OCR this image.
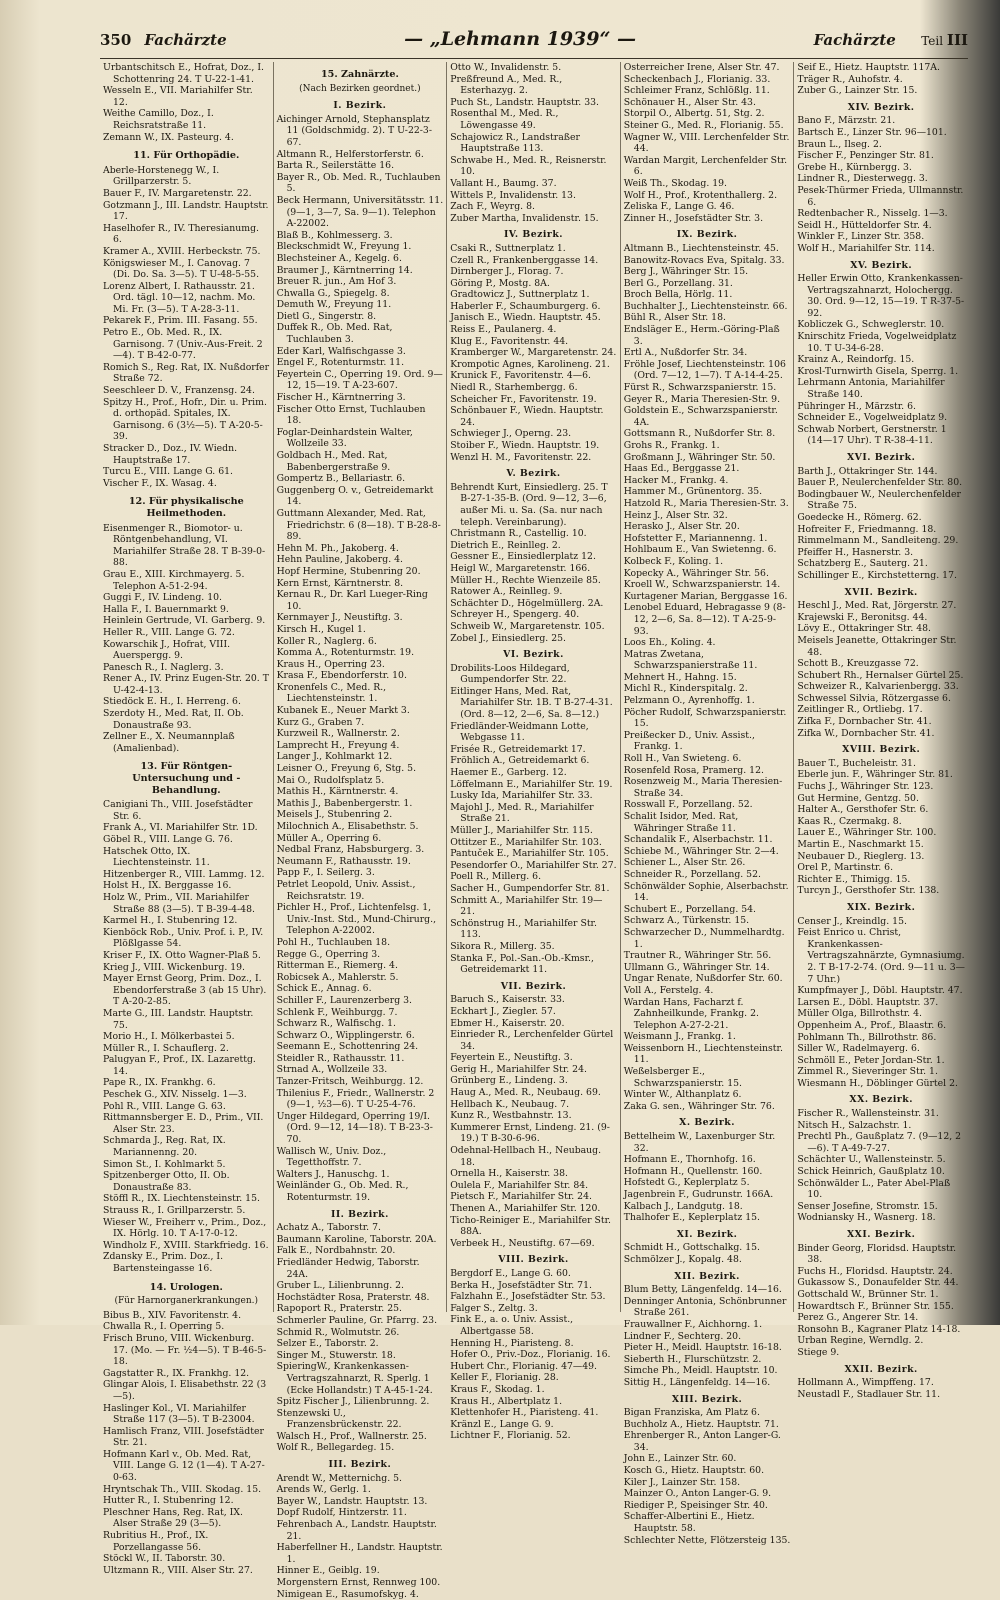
350 Fachärzte	— „Lehmann 1939“ —	Fachärzte Teil III
Urbantschitsch E., Hofrat, Doz., I. Schottenring 24. T U-22-1-41.
Wesseln E., VII. Mariahilfer Str. 12.
Weithe Camillo, Doz., I. Reichsratstraße 11.
Zemann W., IX. Pasteurg. 4.
11. Für Orthopädie.
Aberle-Horstenegg W., I. Grillparzerstr. 5.
Bauer F., IV. Margaretenstr. 22.
Gotzmann J., III. Landstr. Hauptstr. 17.
Haselhofer R., IV. Theresianumg. 6.
Kramer A., XVIII. Herbeckstr. 75.
Königswieser M., I. Canovag. 7 (Di. Do. Sa. 3—5). T U-48-5-55.
Lorenz Albert, I. Rathausstr. 21. Ord. tägl. 10—12, nachm. Mo. Mi. Fr. (3—5). T A-28-3-11.
Pekarek F., Prim. III. Fasang. 55.
Petro E., Ob. Med. R., IX. Garnisong. 7 (Univ.-Aus-Freit. 2—4). T B-42-0-77.
Romich S., Reg. Rat, IX. Nußdorfer Straße 72.
Seeschleer D. V., Franzensg. 24.
Spitzy H., Prof., Hofr., Dir. u. Prim. d. orthopäd. Spitales, IX. Garnisong. 6 (3½—5). T A-20-5-39.
Stracker D., Doz., IV. Wiedn. Hauptstraße 17.
Turcu E., VIII. Lange G. 61.
Vischer F., IX. Wasag. 4.
12. Für physikalische Heilmethoden.
Eisenmenger R., Biomotor- u. Röntgenbehandlung, VI. Mariahilfer Straße 28. T B-39-0-88.
Grau E., XIII. Kirchmayerg. 5. Telephon A-51-2-94.
Guggi F., IV. Lindeng. 10.
Halla F., I. Bauernmarkt 9.
Heinlein Gertrude, VI. Garberg. 9.
Heller R., VIII. Lange G. 72.
Kowarschik J., Hofrat, VIII. Auerspergg. 9.
Panesch R., I. Naglerg. 3.
Rener A., IV. Prinz Eugen-Str. 20. T U-42-4-13.
Stiedöck E. H., I. Herreng. 6.
Szerdoty H., Med. Rat, II. Ob. Donaustraße 93.
Zellner E., X. Neumannplaß (Amalienbad).
13. Für Röntgen-Untersuchung und -Behandlung.
Canigiani Th., VIII. Josefstädter Str. 6.
Frank A., VI. Mariahilfer Str. 1D.
Göbel R., VIII. Lange G. 76.
Hatschek Otto, IX. Liechtensteinstr. 11.
Hitzenberger R., VIII. Lammg. 12.
Holst H., IX. Berggasse 16.
Holz W., Prim., VII. Mariahilfer Straße 88 (3—5). T B-39-4-48.
Karmel H., I. Stubenring 12.
Kienböck Rob., Univ. Prof. i. P., IV. Plößlgasse 54.
Kriser F., IX. Otto Wagner-Plaß 5.
Krieg J., VIII. Wickenburg. 19.
Mayer Ernst Georg, Prim. Doz., I. Ebendorferstraße 3 (ab 15 Uhr). T A-20-2-85.
Marte G., III. Landstr. Hauptstr. 75.
Morio H., I. Mölkerbastei 5.
Müller R., I. Schauflerg. 2.
Palugyan F., Prof., IX. Lazarettg. 14.
Pape R., IX. Frankhg. 6.
Peschek G., XIV. Nisselg. 1—3.
Pohl R., VIII. Lange G. 63.
Rittmannsberger E. D., Prim., VII. Alser Str. 23.
Schmarda J., Reg. Rat, IX. Mariannenng. 20.
Simon St., I. Kohlmarkt 5.
Spitzenberger Otto, II. Ob. Donaustraße 83.
Stöffl R., IX. Liechtensteinstr. 15.
Strauss R., I. Grillparzerstr. 5.
Wieser W., Freiherr v., Prim., Doz., IX. Hörlg. 10. T A-17-0-12.
Windholz F., XVIII. Starkfriedg. 16.
Zdansky E., Prim. Doz., I. Bartensteingasse 16.
14. Urologen.
(Für Harnorganerkrankungen.)
Bibus B., XIV. Favoritenstr. 4.
Chwalla R., I. Operring 5.
Frisch Bruno, VIII. Wickenburg. 17. (Mo. — Fr. ½4—5). T B-46-5-18.
Gagstatter R., IX. Frankhg. 12.
Glingar Alois, I. Elisabethstr. 22 (3—5).
Haslinger Kol., VI. Mariahilfer Straße 117 (3—5). T B-23004.
Hamlisch Franz, VIII. Josefstädter Str. 21.
Hofmann Karl v., Ob. Med. Rat, VIII. Lange G. 12 (1—4). T A-27-0-63.
Hryntschak Th., VIII. Skodag. 15.
Hutter R., I. Stubenring 12.
Pleschner Hans, Reg. Rat, IX. Alser Straße 29 (3—5).
Rubritius H., Prof., IX. Porzellangasse 56.
Stöckl W., II. Taborstr. 30.
Ultzmann R., VIII. Alser Str. 27.
15. Zahnärzte.
(Nach Bezirken geordnet.)
I. Bezirk.
Aichinger Arnold, Stephansplatz 11 (Goldschmidg. 2). T U-22-3-67.
Altmann R., Helferstorferstr. 6.
Barta R., Seilerstätte 16.
Bayer R., Ob. Med. R., Tuchlauben 5.
Beck Hermann, Universitätsstr. 11. (9—1, 3—7, Sa. 9—1). Telephon A-22002.
Blaß B., Kohlmesserg. 3.
Bleckschmidt W., Freyung 1.
Blechsteiner A., Kegelg. 6.
Braumer J., Kärntnerring 14.
Breuer R. jun., Am Hof 3.
Chwalla G., Spiegelg. 8.
Demuth W., Freyung 11.
Dietl G., Singerstr. 8.
Duffek R., Ob. Med. Rat, Tuchlauben 3.
Eder Karl, Walfischgasse 3.
Engel F., Rotenturmstr. 11.
Feyertein C., Operring 19. Ord. 9—12, 15—19. T A-23-607.
Fischer H., Kärntnerring 3.
Fischer Otto Ernst, Tuchlauben 18.
Foglar-Deinhardstein Walter, Wollzeile 33.
Goldbach H., Med. Rat, Babenbergerstraße 9.
Gompertz B., Bellariastr. 6.
Guggenberg O. v., Getreidemarkt 14.
Guttmann Alexander, Med. Rat, Friedrichstr. 6 (8—18). T B-28-8-89.
Hehn M. Ph., Jakoberg. 4.
Hehn Pauline, Jakoberg. 4.
Hopf Hermine, Stubenring 20.
Kern Ernst, Kärntnerstr. 8.
Kernau R., Dr. Karl Lueger-Ring 10.
Kernmayer J., Neustiftg. 3.
Kirsch H., Kugel 1.
Koller R., Naglerg. 6.
Komma A., Rotenturmstr. 19.
Kraus H., Operring 23.
Krasa F., Ebendorferstr. 10.
Kronenfels C., Med. R., Liechtensteinstr. 1.
Kubanek E., Neuer Markt 3.
Kurz G., Graben 7.
Kurzweil R., Wallnerstr. 2.
Lamprecht H., Freyung 4.
Langer J., Kohlmarkt 12.
Leisner O., Freyung 6, Stg. 5.
Mai O., Rudolfsplatz 5.
Mathis H., Kärntnerstr. 4.
Mathis J., Babenbergerstr. 1.
Meisels J., Stubenring 2.
Milochnich A., Elisabethstr. 5.
Müller A., Operring 6.
Nedbal Franz, Habsburgerg. 3.
Neumann F., Rathausstr. 19.
Papp F., I. Seilerg. 3.
Petrlet Leopold, Univ. Assist., Reichsratstr. 19.
Pichler H., Prof., Lichtenfelsg. 1, Univ.-Inst. Std., Mund-Chirurg., Telephon A-22002.
Pohl H., Tuchlauben 18.
Regge G., Operring 3.
Ritterman E., Riemerg. 4.
Robicsek A., Mahlerstr. 5.
Schick E., Annag. 6.
Schiller F., Laurenzerberg 3.
Schlenk F., Weihburgg. 7.
Schwarz R., Walfischg. 1.
Schwarz O., Wipplingerstr. 6.
Seemann E., Schottenring 24.
Steidler R., Rathausstr. 11.
Strnad A., Wollzeile 33.
Tanzer-Fritsch, Weihburgg. 12.
Thilenius F., Friedr., Wallnerstr. 2 (9—1, ½3—6). T U-25-4-76.
Unger Hildegard, Operring 19/I. (Ord. 9—12, 14—18). T B-23-3-70.
Wallisch W., Univ. Doz., Tegetthoffstr. 7.
Walters J., Hanuschg. 1.
Weinländer G., Ob. Med. R., Rotenturmstr. 19.
II. Bezirk.
Achatz A., Taborstr. 7.
Baumann Karoline, Taborstr. 20A.
Falk E., Nordbahnstr. 20.
Friedländer Hedwig, Taborstr. 24A.
Gruber L., Lilienbrunng. 2.
Hochstädter Rosa, Praterstr. 48.
Rapoport R., Praterstr. 25.
Schmerler Pauline, Gr. Pfarrg. 23.
Schmid R., Wolmutstr. 26.
Selzer E., Taborstr. 2.
Singer M., Stuwerstr. 18.
SpieringW., Krankenkassen-Vertragszahnarzt, R. Sperlg. 1 (Ecke Hollandstr.) T A-45-1-24.
Spitz Fischer J., Lilienbrunng. 2.
Stenzewski U., Franzensbrückenstr. 22.
Walsch H., Prof., Wallnerstr. 25.
Wolf R., Bellegardeg. 15.
III. Bezirk.
Arendt W., Metternichg. 5.
Arends W., Gerlg. 1.
Bayer W., Landstr. Hauptstr. 13.
Dopf Rudolf, Hintzerstr. 11.
Fehrenbach A., Landstr. Hauptstr. 21.
Haberfellner H., Landstr. Hauptstr. 1.
Hinner E., Geiblg. 19.
Morgenstern Ernst, Rennweg 100.
Nimigean E., Rasumofskyg. 4.
Otto W., Invalidenstr. 5.
Preßfreund A., Med. R., Esterhazyg. 2.
Puch St., Landstr. Hauptstr. 33.
Rosenthal M., Med. R., Löwengasse 49.
Schajowicz R., Landstraßer Hauptstraße 113.
Schwabe H., Med. R., Reisnerstr. 10.
Vallant H., Baumg. 37.
Wittels P., Invalidenstr. 13.
Zach F., Weyrg. 8.
Zuber Martha, Invalidenstr. 15.
IV. Bezirk.
Csaki R., Suttnerplatz 1.
Czell R., Frankenberggasse 14.
Dirnberger J., Florag. 7.
Göring P., Mostg. 8A.
Gradtowicz J., Suttnerplatz 1.
Haberler F., Schaumburgerg. 6.
Janisch E., Wiedn. Hauptstr. 45.
Reiss E., Paulanerg. 4.
Klug E., Favoritenstr. 44.
Kramberger W., Margaretenstr. 24.
Krompotic Agnes, Karolineng. 21.
Krunick F., Favoritenstr. 4—6.
Niedl R., Starhembergg. 6.
Scheicher Fr., Favoritenstr. 19.
Schönbauer F., Wiedn. Hauptstr. 24.
Schwieger J., Operng. 23.
Stoiber F., Wiedn. Hauptstr. 19.
Wenzl H. M., Favoritenstr. 22.
V. Bezirk.
Behrendt Kurt, Einsiedlerg. 25. T B-27-1-35-B. (Ord. 9—12, 3—6, außer Mi. u. Sa. (Sa. nur nach teleph. Vereinbarung).
Christmann R., Castellig. 10.
Dietrich E., Reinlleg. 2.
Gessner E., Einsiedlerplatz 12.
Heigl W., Margaretenstr. 166.
Müller H., Rechte Wienzeile 85.
Ratower A., Reinlleg. 9.
Schächter D., Högelmüllerg. 2A.
Schreyer H., Spengerg. 40.
Schweib W., Margaretenstr. 105.
Zobel J., Einsiedlerg. 25.
VI. Bezirk.
Drobilits-Loos Hildegard, Gumpendorfer Str. 22.
Eitlinger Hans, Med. Rat, Mariahilfer Str. 1B. T B-27-4-31. (Ord. 8—12, 2—6, Sa. 8—12.)
Friedländer-Weidmann Lotte, Webgasse 11.
Frisée R., Getreidemarkt 17.
Fröhlich A., Getreidemarkt 6.
Haemer E., Garberg. 12.
Löffelmann E., Mariahilfer Str. 19.
Lusky Ida, Mariahilfer Str. 33.
Majohl J., Med. R., Mariahilfer Straße 21.
Müller J., Mariahilfer Str. 115.
Ottitzer E., Mariahilfer Str. 103.
Pantuček E., Mariahilfer Str. 105.
Pesendorfer O., Mariahilfer Str. 27.
Poell R., Millerg. 6.
Sacher H., Gumpendorfer Str. 81.
Schmitt A., Mariahilfer Str. 19—21.
Schönstrug H., Mariahilfer Str. 113.
Sikora R., Millerg. 35.
Stanka F., Pol.-San.-Ob.-Kmsr., Getreidemarkt 11.
VII. Bezirk.
Baruch S., Kaiserstr. 33.
Eckhart J., Ziegler. 57.
Ebmer H., Kaiserstr. 20.
Einrieder R., Lerchenfelder Gürtel 34.
Feyertein E., Neustiftg. 3.
Gerig H., Mariahilfer Str. 24.
Grünberg E., Lindeng. 3.
Haug A., Med. R., Neubaug. 69.
Hellbach K., Neubaug. 7.
Kunz R., Westbahnstr. 13.
Kummerer Ernst, Lindeng. 21. (9-19.) T B-30-6-96.
Odehnal-Hellbach H., Neubaug. 18.
Ornella H., Kaiserstr. 38.
Oulela F., Mariahilfer Str. 84.
Pietsch F., Mariahilfer Str. 24.
Thenen A., Mariahilfer Str. 120.
Ticho-Reiniger E., Mariahilfer Str. 88A.
Verbeek H., Neustiftg. 67—69.
VIII. Bezirk.
Bergdorf E., Lange G. 60.
Berka H., Josefstädter Str. 71.
Falzhahn E., Josefstädter Str. 53.
Falger S., Zeltg. 3.
Fink E., a. o. Univ. Assist., Albertgasse 58.
Henning H., Piaristeng. 8.
Hofer O., Priv.-Doz., Florianig. 16.
Hubert Chr., Florianig. 47—49.
Keller F., Florianig. 28.
Kraus F., Skodag. 1.
Kraus H., Albertplatz 1.
Klettenhofer H., Piaristeng. 41.
Kränzl E., Lange G. 9.
Lichtner F., Florianig. 52.
Osterreicher Irene, Alser Str. 47.
Scheckenbach J., Florianig. 33.
Schleimer Franz, Schlößlg. 11.
Schönauer H., Alser Str. 43.
Storpil O., Albertg. 51, Stg. 2.
Steiner G., Med. R., Florianig. 55.
Wagner W., VIII. Lerchenfelder Str. 44.
Wardan Margit, Lerchenfelder Str. 6.
Weiß Th., Skodag. 19.
Wolf H., Prof., Krotenthallerg. 2.
Zeliska F., Lange G. 46.
Zinner H., Josefstädter Str. 3.
IX. Bezirk.
Altmann B., Liechtensteinstr. 45.
Banowitz-Rovacs Eva, Spitalg. 33.
Berg J., Währinger Str. 15.
Berl G., Porzellang. 31.
Broch Bella, Hörlg. 11.
Buchhalter J., Liechtensteinstr. 66.
Bühl R., Alser Str. 18.
Endsläger E., Herm.-Göring-Plaß 3.
Ertl A., Nußdorfer Str. 34.
Fröhle Josef, Liechtensteinstr. 106 (Ord. 7—12, 1—7). T A-14-4-25.
Fürst R., Schwarzspanierstr. 15.
Geyer R., Maria Theresien-Str. 9.
Goldstein E., Schwarzspanierstr. 4A.
Gottsmann R., Nußdorfer Str. 8.
Grohs R., Frankg. 1.
Großmann J., Währinger Str. 50.
Haas Ed., Berggasse 21.
Hacker M., Frankg. 4.
Hammer M., Grünentorg. 35.
Hatzold R., Maria Theresien-Str. 3.
Heinz J., Alser Str. 32.
Herasko J., Alser Str. 20.
Hofstetter F., Mariannenng. 1.
Hohlbaum E., Van Swietenng. 6.
Kolbeck F., Koling. 1.
Kopecky A., Währinger Str. 56.
Kroell W., Schwarzspanierstr. 14.
Kurtagener Marian, Berggasse 16.
Lenobel Eduard, Hebragasse 9 (8-12, 2—6, Sa. 8—12). T A-25-9-93.
Loos Eh., Koling. 4.
Matras Zwetana, Schwarzspanierstraße 11.
Mehnert H., Hahng. 15.
Michl R., Kinderspitalg. 2.
Pelzmann O., Ayrenhoffg. 1.
Pöcher Rudolf, Schwarzspanierstr. 15.
Preißecker D., Univ. Assist., Frankg. 1.
Roll H., Van Swieteng. 6.
Rosenfeld Rosa, Pramerg. 12.
Rosenzweig M., Maria Theresien-Straße 34.
Rosswall F., Porzellang. 52.
Schalit Isidor, Med. Rat, Währinger Straße 11.
Schandalik F., Alserbachstr. 11.
Schiebe M., Währinger Str. 2—4.
Schiener L., Alser Str. 26.
Schneider R., Porzellang. 52.
Schönwälder Sophie, Alserbachstr. 14.
Schubert E., Porzellang. 54.
Schwarz A., Türkenstr. 15.
Schwarzecher D., Nummelhardtg. 1.
Trautner R., Währinger Str. 56.
Ullmann G., Währinger Str. 14.
Ungar Renate, Nußdorfer Str. 60.
Voll A., Ferstelg. 4.
Wardan Hans, Facharzt f. Zahnheilkunde, Frankg. 2. Telephon A-27-2-21.
Weismann J., Frankg. 1.
Weissenborn H., Liechtensteinstr. 11.
Weßelsberger E., Schwarzspanierstr. 15.
Winter W., Althanplatz 6.
Zaka G. sen., Währinger Str. 76.
X. Bezirk.
Bettelheim W., Laxenburger Str. 32.
Hofmann E., Thornhofg. 16.
Hofmann H., Quellenstr. 160.
Hofstedt G., Keplerplatz 5.
Jagenbrein F., Gudrunstr. 166A.
Kalbach J., Landgutg. 18.
Thalhofer E., Keplerplatz 15.
XI. Bezirk.
Schmidt H., Gottschalkg. 15.
Schmölzer J., Kopalg. 48.
XII. Bezirk.
Blum Betty, Längenfeldg. 14—16.
Denninger Antonia, Schönbrunner Straße 261.
Frauwallner F., Aichhorng. 1.
Lindner F., Sechterg. 20.
Pieter H., Meidl. Hauptstr. 16-18.
Sieberth H., Flurschützstr. 2.
Simche Ph., Meidl. Hauptstr. 10.
Sittig H., Längenfeldg. 14—16.
XIII. Bezirk.
Bigan Franziska, Am Platz 6.
Buchholz A., Hietz. Hauptstr. 71.
Ehrenberger R., Anton Langer-G. 34.
John E., Lainzer Str. 60.
Kosch G., Hietz. Hauptstr. 60.
Kiler J., Lainzer Str. 158.
Mainzer O., Anton Langer-G. 9.
Riediger P., Speisinger Str. 40.
Schaffer-Albertini E., Hietz. Hauptstr. 58.
Schlechter Nette, Flötzersteig 135.
Seif E., Hietz. Hauptstr. 117A.
Träger R., Auhofstr. 4.
Zuber G., Lainzer Str. 15.
XIV. Bezirk.
Bano F., Märzstr. 21.
Bartsch E., Linzer Str. 96—101.
Braun L., Ilseg. 2.
Fischer F., Penzinger Str. 81.
Grebe H., Kürnbergg. 3.
Lindner R., Diesterwegg. 3.
Pesek-Thürmer Frieda, Ullmannstr. 6.
Redtenbacher R., Nisselg. 1—3.
Seidl H., Hütteldorfer Str. 4.
Winkler F., Linzer Str. 358.
Wolf H., Mariahilfer Str. 114.
XV. Bezirk.
Heller Erwin Otto, Krankenkassen-Vertragszahnarzt, Holochergg. 30. Ord. 9—12, 15—19. T R-37-5-92.
Kobliczek G., Schweglerstr. 10.
Knirschitz Frieda, Vogelweidplatz 10. T U-34-6-28.
Krainz A., Reindorfg. 15.
Krosl-Turnwirth Gisela, Sperrg. 1.
Lehrmann Antonia, Mariahilfer Straße 140.
Pühringer H., Märzstr. 6.
Schneider E., Vogelweidplatz 9.
Schwab Norbert, Gerstnerstr. 1 (14—17 Uhr). T R-38-4-11.
XVI. Bezirk.
Barth J., Ottakringer Str. 144.
Bauer P., Neulerchenfelder Str. 80.
Bodingbauer W., Neulerchenfelder Straße 75.
Goedecke H., Römerg. 62.
Hofreiter F., Friedmanng. 18.
Rimmelmann M., Sandleiteng. 29.
Pfeiffer H., Hasnerstr. 3.
Schatzberg E., Sauterg. 21.
Schillinger E., Kirchstetterng. 17.
XVII. Bezirk.
Heschl J., Med. Rat, Jörgerstr. 27.
Krajewski F., Beronitsg. 44.
Lövy E., Ottakringer Str. 48.
Meisels Jeanette, Ottakringer Str. 48.
Schott B., Kreuzgasse 72.
Schubert Rh., Hernalser Gürtel 25.
Schweizer R., Kalvarienbergg. 33.
Schwessel Silvia, Rötzergasse 6.
Zeitlinger R., Ortliebg. 17.
Zifka F., Dornbacher Str. 41.
Zifka W., Dornbacher Str. 41.
XVIII. Bezirk.
Bauer T., Bucheleistr. 31.
Eberle jun. F., Währinger Str. 81.
Fuchs J., Währinger Str. 123.
Gut Hermine, Gentzg. 50.
Halter A., Gersthofer Str. 6.
Kaas R., Czermakg. 8.
Lauer E., Währinger Str. 100.
Martin E., Naschmarkt 15.
Neubauer D., Rieglerg. 13.
Orel P., Martinstr. 6.
Richter E., Thimigg. 15.
Turcyn J., Gersthofer Str. 138.
XIX. Bezirk.
Censer J., Kreindlg. 15.
Feist Enrico u. Christ, Krankenkassen-Vertragszahnärzte, Gymnasiumg. 2. T B-17-2-74. (Ord. 9—11 u. 3—7 Uhr.)
Kumpfmayer J., Döbl. Hauptstr. 47.
Larsen E., Döbl. Hauptstr. 37.
Müller Olga, Billrothstr. 4.
Oppenheim A., Prof., Blaastr. 6.
Pohlmann Th., Billrothstr. 86.
Siller W., Radelmayerg. 6.
Schmöll E., Peter Jordan-Str. 1.
Zimmel R., Sieveringer Str. 1.
Wiesmann H., Döblinger Gürtel 2.
XX. Bezirk.
Fischer R., Wallensteinstr. 31.
Nitsch H., Salzachstr. 1.
Prechtl Ph., Gaußplatz 7. (9—12, 2—6). T A-49-7-27.
Schächter U., Wallensteinstr. 5.
Schick Heinrich, Gaußplatz 10.
Schönwälder L., Pater Abel-Plaß 10.
Senser Josefine, Stromstr. 15.
Wodniansky H., Wasnerg. 18.
XXI. Bezirk.
Binder Georg, Floridsd. Hauptstr. 38.
Fuchs H., Floridsd. Hauptstr. 24.
Gukassow S., Donaufelder Str. 44.
Gottschald W., Brünner Str. 1.
Howardtsch F., Brünner Str. 155.
Perez G., Angerer Str. 14.
Ronsohn B., Kagraner Platz 14-18.
Urban Regine, Werndlg. 2.
Stiege 9.
XXII. Bezirk.
Hollmann A., Wimpffeng. 17.
Neustadl F., Stadlauer Str. 11.
